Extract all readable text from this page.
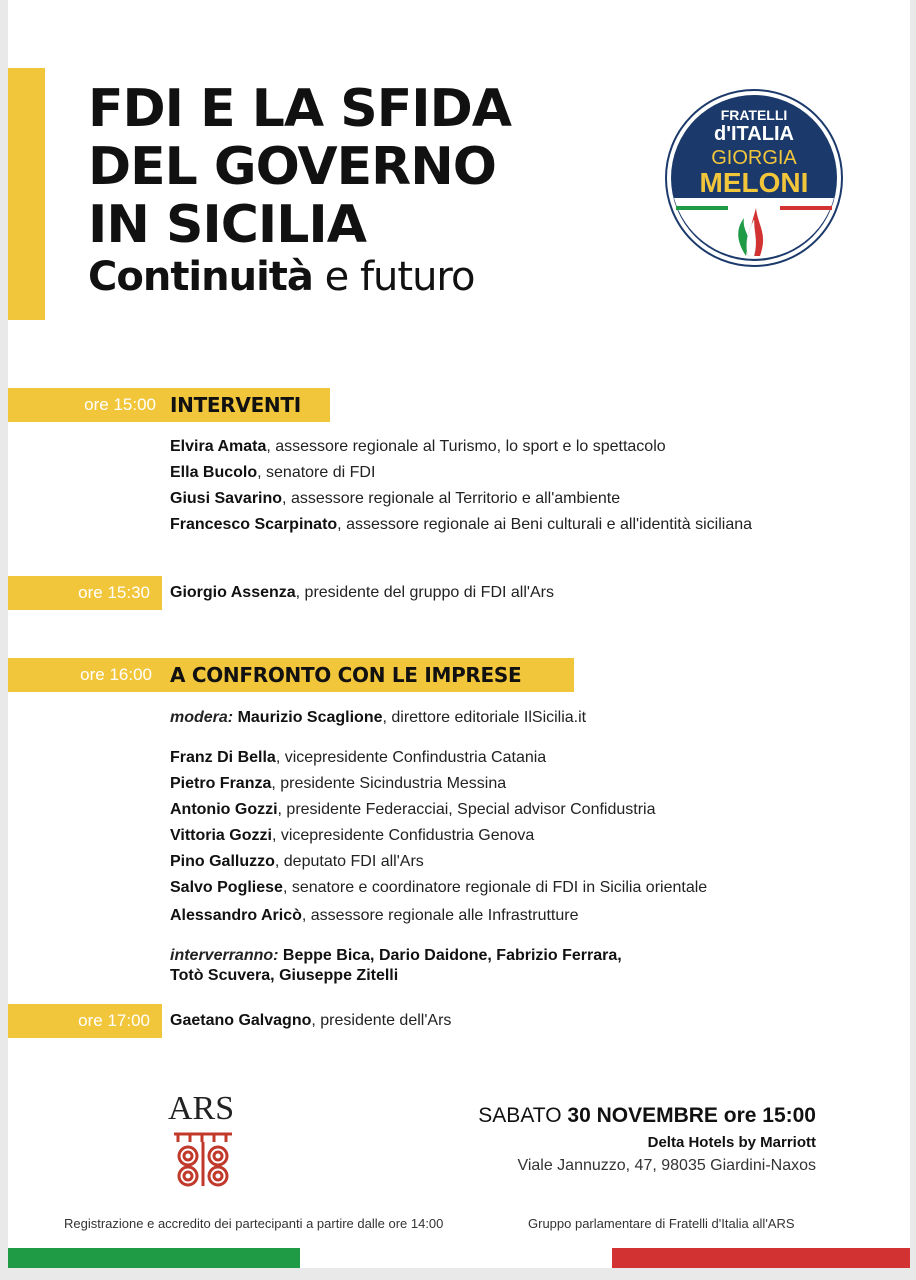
FDI E LA SFIDA
DEL GOVERNO
IN SICILIA
Continuità e futuro
FRATELLI
d'ITALIA
GIORGIA
MELONI
ore 15:00 INTERVENTI
Elvira Amata, assessore regionale al Turismo, lo sport e lo spettacolo
Ella Bucolo, senatore di FDI
Giusi Savarino, assessore regionale al Territorio e all'ambiente
Francesco Scarpinato, assessore regionale ai Beni culturali e all'identità siciliana
ore 15:30	Giorgio Assenza, presidente del gruppo di FDI all'Ars
ore 16:00 A CONFRONTO CON LE IMPRESE
modera: Maurizio Scaglione, direttore editoriale IlSicilia.it
Franz Di Bella, vicepresidente Confindustria Catania
Pietro Franza, presidente Sicindustria Messina
Antonio Gozzi, presidente Federacciai, Special advisor Confidustria
Vittoria Gozzi, vicepresidente Confidustria Genova
Pino Galluzzo, deputato FDI all'Ars
Salvo Pogliese, senatore e coordinatore regionale di FDI in Sicilia orientale
Alessandro Aricò, assessore regionale alle Infrastrutture
interverranno: Beppe Bica, Dario Daidone, Fabrizio Ferrara,
Totò Scuvera, Giuseppe Zitelli
ore 17:00	Gaetano Galvagno, presidente dell'Ars
ARS	SABATO 30 NOVEMBRE ore 15:00
Delta Hotels by Marriott
Viale Jannuzzo, 47, 98035 Giardini-Naxos
Registrazione e accredito dei partecipanti a partire dalle ore 14:00	Gruppo parlamentare di Fratelli d'Italia all'ARS
